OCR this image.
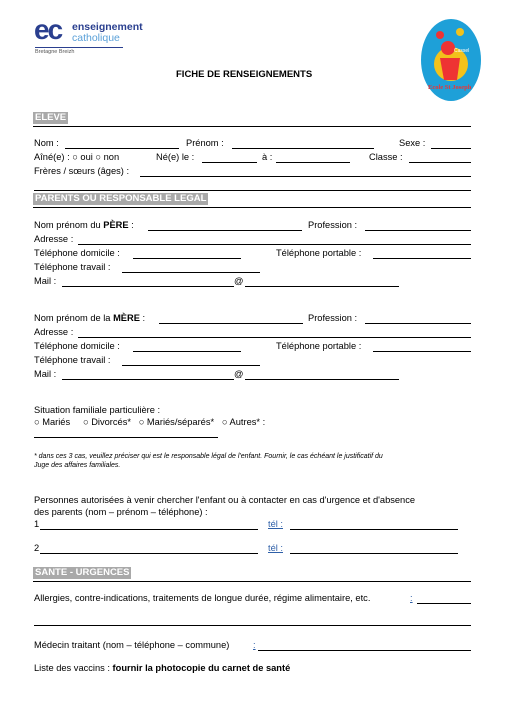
ec enseignement
catholique
Bretagne Breizh
Ecole St Joseph
Cassel
FICHE DE RENSEIGNEMENTS
ELEVE
Nom :	Prénom :	Sexe :
Aîné(e) : ○ oui ○ non	Né(e) le :	à :	Classe :
Frères / sœurs (âges) :
PARENTS OU RESPONSABLE LEGAL
Nom prénom du PÈRE :	Profession :
Adresse :
Téléphone domicile :	Téléphone portable :
Téléphone travail :
Mail :	@
Nom prénom de la MÈRE :	Profession :
Adresse :
Téléphone domicile :	Téléphone portable :
Téléphone travail :
Mail :	@
Situation familiale particulière :
○ Mariés     ○ Divorcés*   ○ Mariés/séparés*   ○ Autres* :
* dans ces 3 cas, veuillez préciser qui est le responsable légal de l'enfant. Fournir, le cas échéant le justificatif du
Juge des affaires familiales.
Personnes autorisées à venir chercher l'enfant ou à contacter en cas d'urgence et d'absence
des parents (nom – prénom – téléphone) :
1	tél :
2	tél :
SANTE - URGENCES
Allergies, contre-indications, traitements de longue durée, régime alimentaire, etc.	:
Médecin traitant (nom – téléphone – commune)	:
Liste des vaccins : fournir la photocopie du carnet de santé
